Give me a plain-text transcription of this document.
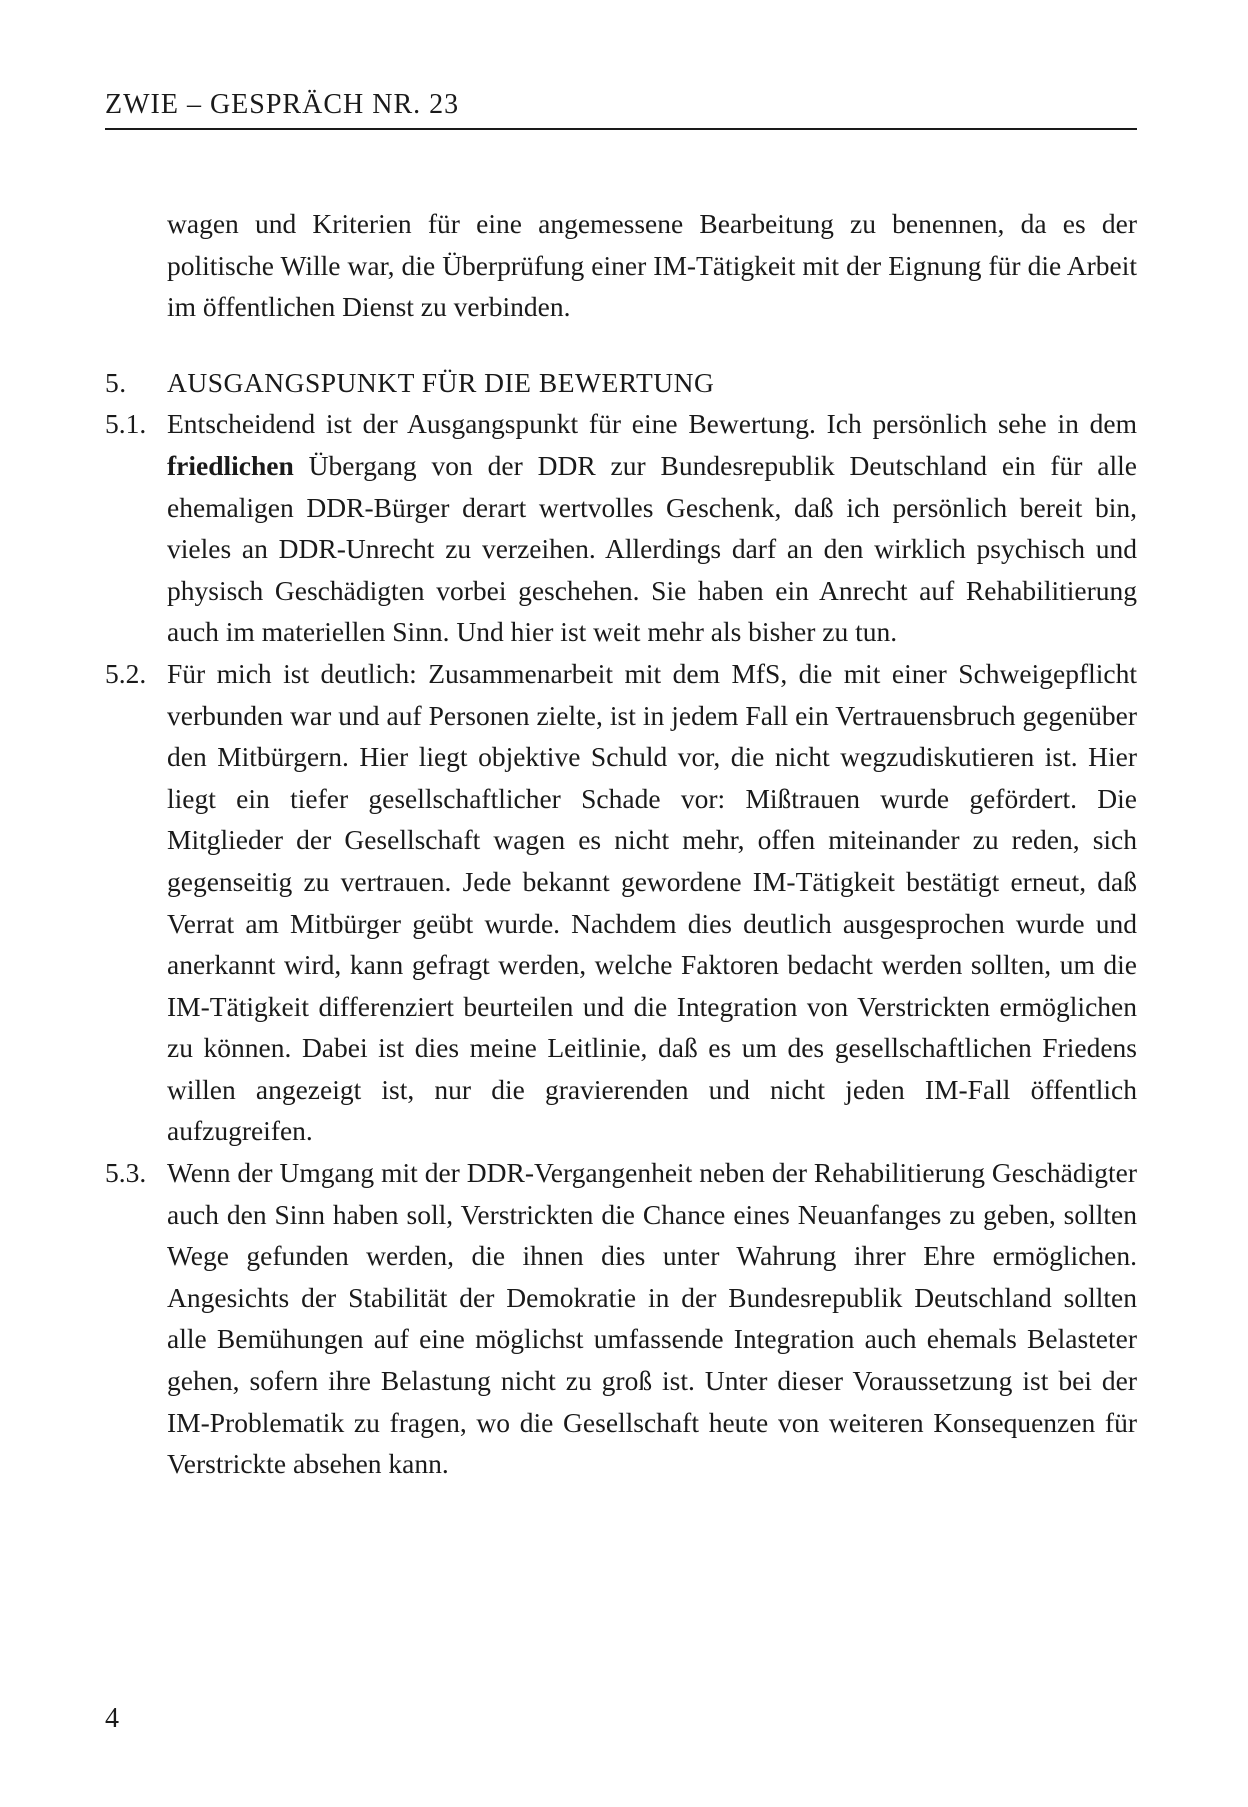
ZWIE – GESPRÄCH NR. 23

wagen und Kriterien für eine angemessene Bearbeitung zu benennen, da es der politische Wille war, die Überprüfung einer IM-Tätigkeit mit der Eignung für die Arbeit im öffentlichen Dienst zu verbinden.

5. AUSGANGSPUNKT FÜR DIE BEWERTUNG
5.1. Entscheidend ist der Ausgangspunkt für eine Bewertung. Ich persönlich sehe in dem friedlichen Übergang von der DDR zur Bundesrepublik Deutschland ein für alle ehemaligen DDR-Bürger derart wertvolles Geschenk, daß ich persönlich bereit bin, vieles an DDR-Unrecht zu verzeihen. Allerdings darf an den wirklich psychisch und physisch Geschädigten vorbei geschehen. Sie haben ein Anrecht auf Rehabilitierung auch im materiellen Sinn. Und hier ist weit mehr als bisher zu tun.
5.2. Für mich ist deutlich: Zusammenarbeit mit dem MfS, die mit einer Schweigepflicht verbunden war und auf Personen zielte, ist in jedem Fall ein Vertrauensbruch gegenüber den Mitbürgern. Hier liegt objektive Schuld vor, die nicht wegzudiskutieren ist. Hier liegt ein tiefer gesellschaftlicher Schade vor: Mißtrauen wurde gefördert. Die Mitglieder der Gesellschaft wagen es nicht mehr, offen miteinander zu reden, sich gegenseitig zu vertrauen. Jede bekannt gewordene IM-Tätigkeit bestätigt erneut, daß Verrat am Mitbürger geübt wurde. Nachdem dies deutlich ausgesprochen wurde und anerkannt wird, kann gefragt werden, welche Faktoren bedacht werden sollten, um die IM-Tätigkeit differenziert beurteilen und die Integration von Verstrickten ermöglichen zu können. Dabei ist dies meine Leitlinie, daß es um des gesellschaftlichen Friedens willen angezeigt ist, nur die gravierenden und nicht jeden IM-Fall öffentlich aufzugreifen.
5.3. Wenn der Umgang mit der DDR-Vergangenheit neben der Rehabilitierung Geschädigter auch den Sinn haben soll, Verstrickten die Chance eines Neuanfanges zu geben, sollten Wege gefunden werden, die ihnen dies unter Wahrung ihrer Ehre ermöglichen. Angesichts der Stabilität der Demokratie in der Bundesrepublik Deutschland sollten alle Bemühungen auf eine möglichst umfassende Integration auch ehemals Belasteter gehen, sofern ihre Belastung nicht zu groß ist. Unter dieser Voraussetzung ist bei der IM-Problematik zu fragen, wo die Gesellschaft heute von weiteren Konsequenzen für Verstrickte absehen kann.
4
